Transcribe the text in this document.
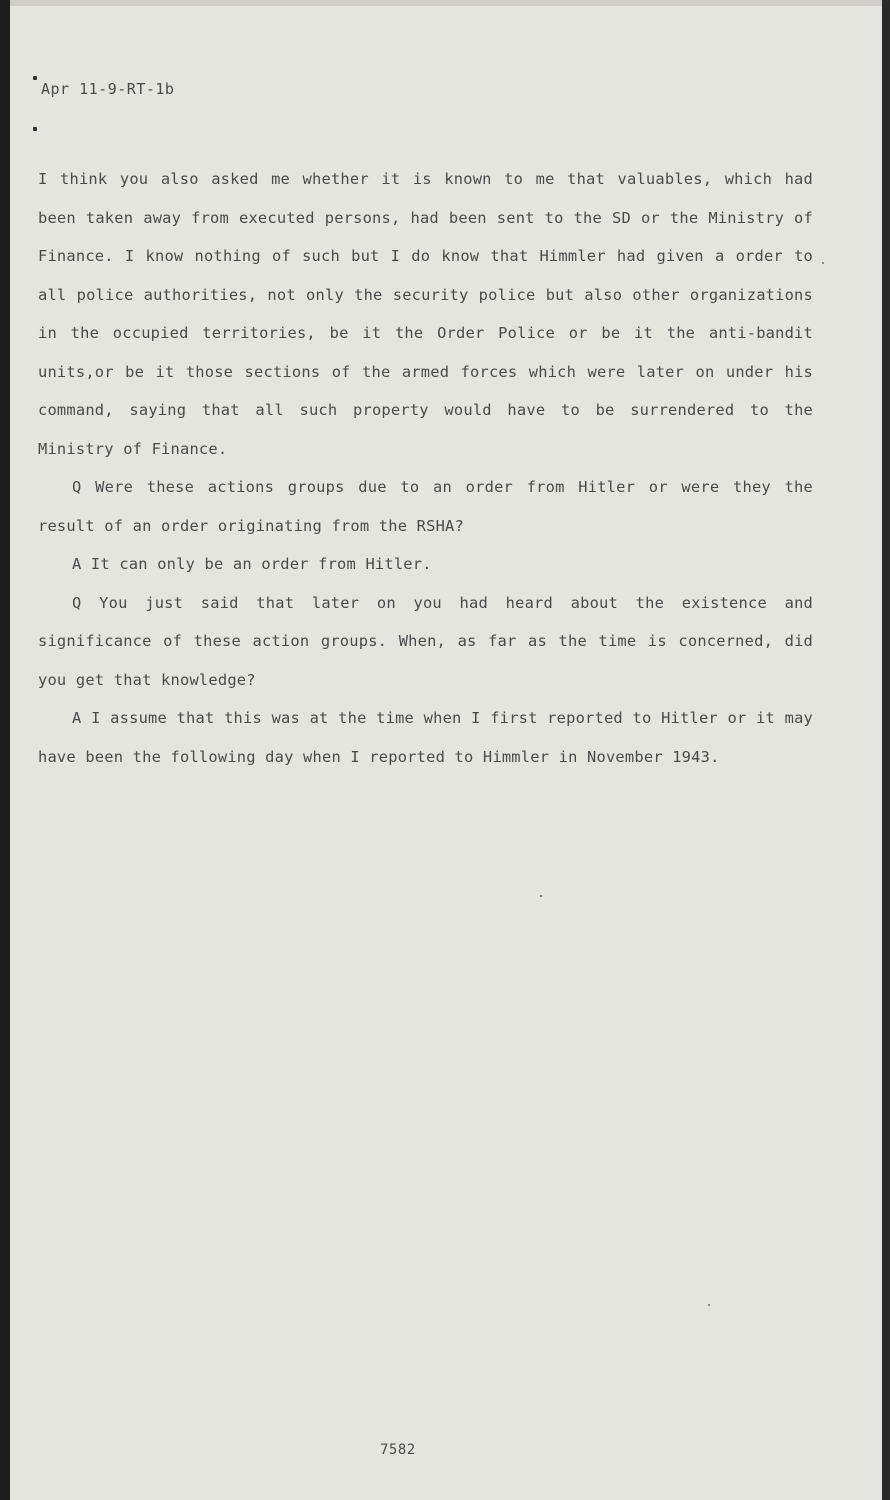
Apr 11-9-RT-1b

I think you also asked me whether it is known to me that valuables, which had been taken away from executed persons, had been sent to the SD or the Ministry of Finance. I know nothing of such but I do know that Himmler had given a order to all police authorities, not only the security police but also other organizations in the occupied territories, be it the Order Police or be it the anti-bandit units,or be it those sections of the armed forces which were later on under his command, saying that all such property would have to be surrendered to the Ministry of Finance.

Q Were these actions groups due to an order from Hitler or were they the result of an order originating from the RSHA?

A It can only be an order from Hitler.

Q You just said that later on you had heard about the existence and significance of these action groups. When, as far as the time is concerned, did you get that knowledge?

A I assume that this was at the time when I first reported to Hitler or it may have been the following day when I reported to Himmler in November 1943.

7582
